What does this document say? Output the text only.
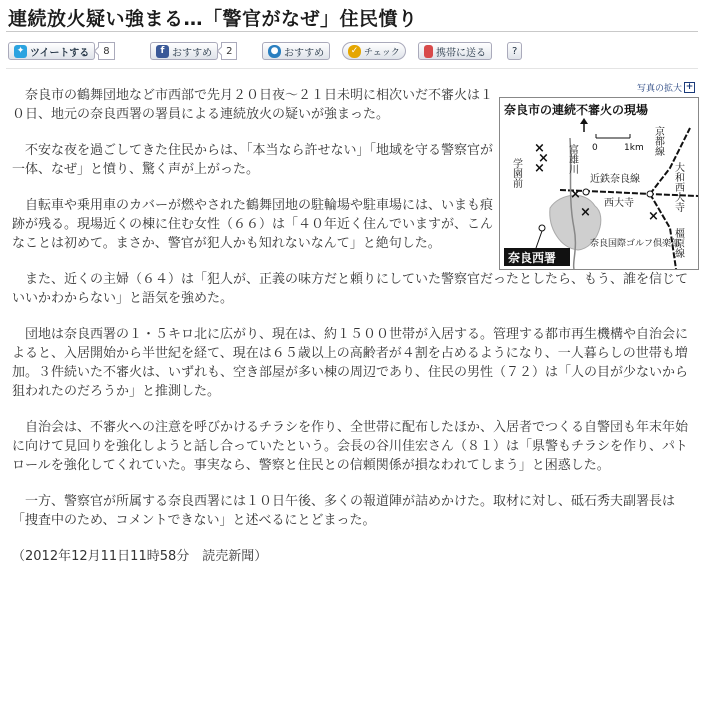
連続放火疑い強まる…「警官がなぜ」住民憤り
✦ ツイートする	8	f おすすめ	2	● おすすめ	✓ チェック	携帯に送る	?
写真の拡大 +
奈良市の連続不審火の現場
0	1km
×
×
×
×
×	×
学園前	富雄川
近鉄奈良線
京都線
大和西大寺
西大寺
橿原線
奈良国際ゴルフ倶楽部
奈良西署

奈良市の鶴舞団地など市西部で先月２０日夜～２１日未明に相次いだ不審火は１０日、地元の奈良西署の署員による連続放火の疑いが強まった。

不安な夜を過ごしてきた住民からは、「本当なら許せない」「地域を守る警察官が一体、なぜ」と憤り、驚く声が上がった。

自転車や乗用車のカバーが燃やされた鶴舞団地の駐輪場や駐車場には、いまも痕跡が残る。現場近くの棟に住む女性（６６）は「４０年近く住んでいますが、こんなことは初めて。まさか、警官が犯人かも知れないなんて」と絶句した。

また、近くの主婦（６４）は「犯人が、正義の味方だと頼りにしていた警察官だったとしたら、もう、誰を信じていいかわからない」と語気を強めた。

団地は奈良西署の１・５キロ北に広がり、現在は、約１５００世帯が入居する。管理する都市再生機構や自治会によると、入居開始から半世紀を経て、現在は６５歳以上の高齢者が４割を占めるようになり、一人暮らしの世帯も増加。３件続いた不審火は、いずれも、空き部屋が多い棟の周辺であり、住民の男性（７２）は「人の目が少ないから狙われたのだろうか」と推測した。

自治会は、不審火への注意を呼びかけるチラシを作り、全世帯に配布したほか、入居者でつくる自警団も年末年始に向けて見回りを強化しようと話し合っていたという。会長の谷川佳宏さん（８１）は「県警もチラシを作り、パトロールを強化してくれていた。事実なら、警察と住民との信頼関係が損なわれてしまう」と困惑した。

一方、警察官が所属する奈良西署には１０日午後、多くの報道陣が詰めかけた。取材に対し、砥石秀夫副署長は「捜査中のため、コメントできない」と述べるにとどまった。

（2012年12月11日11時58分　読売新聞）
